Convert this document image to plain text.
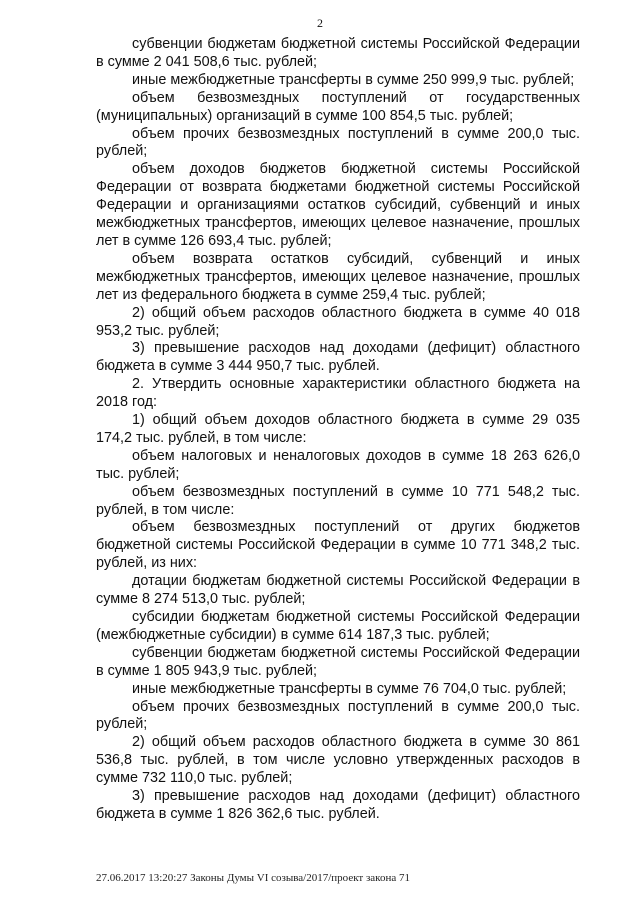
2

субвенции бюджетам бюджетной системы Российской Федерации в сумме 2 041 508,6 тыс. рублей;

иные межбюджетные трансферты в сумме 250 999,9 тыс. рублей;

объем безвозмездных поступлений от государственных (муниципальных) организаций в сумме 100 854,5 тыс. рублей;

объем прочих безвозмездных поступлений в сумме 200,0 тыс. рублей;

объем доходов бюджетов бюджетной системы Российской Федерации от возврата бюджетами бюджетной системы Российской Федерации и организациями остатков субсидий, субвенций и иных межбюджетных трансфертов, имеющих целевое назначение, прошлых лет в сумме 126 693,4 тыс. рублей;

объем возврата остатков субсидий, субвенций и иных межбюджетных трансфертов, имеющих целевое назначение, прошлых лет из федерального бюджета в сумме 259,4 тыс. рублей;

2) общий объем расходов областного бюджета в сумме 40 018 953,2 тыс. рублей;

3) превышение расходов над доходами (дефицит) областного бюджета в сумме 3 444 950,7 тыс. рублей.

2. Утвердить основные характеристики областного бюджета на 2018 год:

1) общий объем доходов областного бюджета в сумме 29 035 174,2 тыс. рублей, в том числе:

объем налоговых и неналоговых доходов в сумме 18 263 626,0 тыс. рублей;

объем безвозмездных поступлений в сумме 10 771 548,2 тыс. рублей, в том числе:

объем безвозмездных поступлений от других бюджетов бюджетной системы Российской Федерации в сумме 10 771 348,2 тыс. рублей, из них:

дотации бюджетам бюджетной системы Российской Федерации в сумме 8 274 513,0 тыс. рублей;

субсидии бюджетам бюджетной системы Российской Федерации (межбюджетные субсидии) в сумме 614 187,3 тыс. рублей;

субвенции бюджетам бюджетной системы Российской Федерации в сумме 1 805 943,9 тыс. рублей;

иные межбюджетные трансферты в сумме 76 704,0 тыс. рублей;

объем прочих безвозмездных поступлений в сумме 200,0 тыс. рублей;

2) общий объем расходов областного бюджета в сумме 30 861 536,8 тыс. рублей, в том числе условно утвержденных расходов в сумме 732 110,0 тыс. рублей;

3) превышение расходов над доходами (дефицит) областного бюджета в сумме 1 826 362,6 тыс. рублей.

27.06.2017 13:20:27 Законы Думы VI созыва/2017/проект закона 71
